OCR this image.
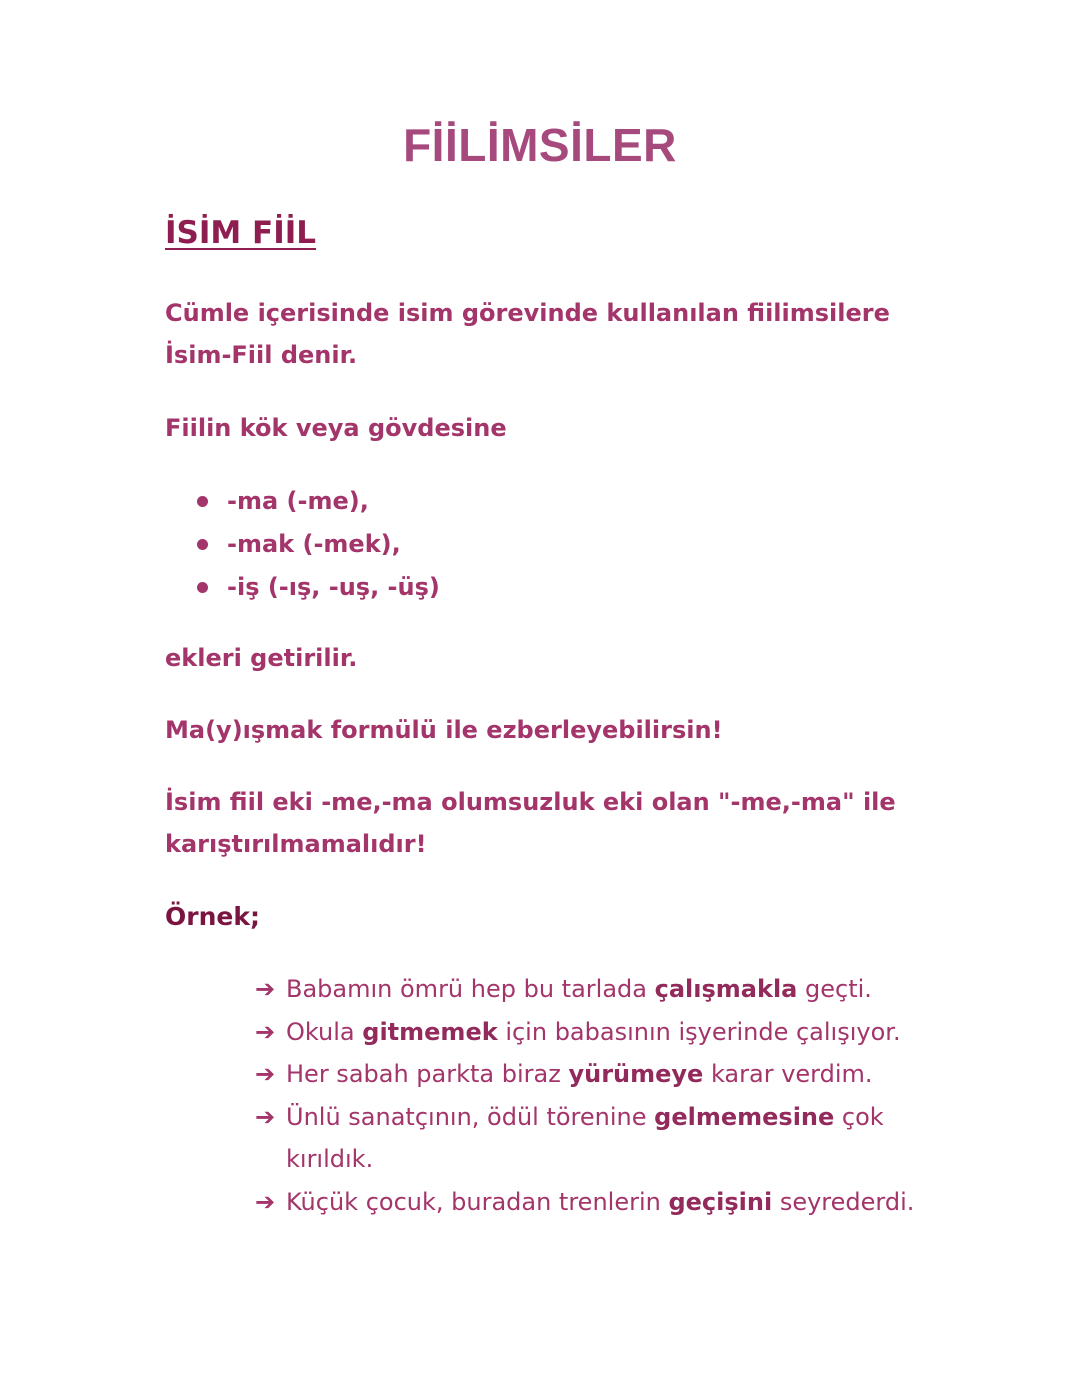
FİİLİMSİLER
İSİM FİİL

Cümle içerisinde isim görevinde kullanılan fiilimsilere İsim-Fiil denir.

Fiilin kök veya gövdesine

-ma (-me),
-mak (-mek),
-iş (-ış, -uş, -üş)

ekleri getirilir.

Ma(y)ışmak formülü ile ezberleyebilirsin!

İsim fiil eki -me,-ma olumsuzluk eki olan "-me,-ma" ile karıştırılmamalıdır!

Örnek;
➔ Babamın ömrü hep bu tarlada çalışmakla geçti.
➔ Okula gitmemek için babasının işyerinde çalışıyor.
➔ Her sabah parkta biraz yürümeye karar verdim.
➔ Ünlü sanatçının, ödül törenine gelmemesine çok kırıldık.
➔ Küçük çocuk, buradan trenlerin geçişini seyrederdi.
